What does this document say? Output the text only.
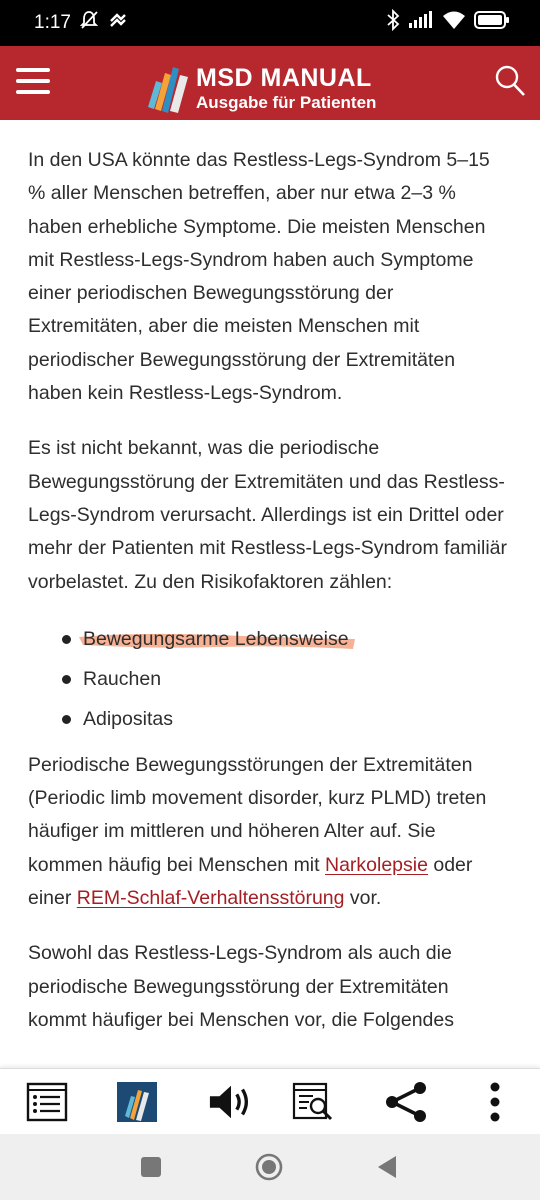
1:17
MSD MANUAL
Ausgabe für Patienten

In den USA könnte das Restless-Legs-Syndrom 5–15 % aller Menschen betreffen, aber nur etwa 2–3 % haben erhebliche Symptome. Die meisten Menschen mit Restless-Legs-Syndrom haben auch Symptome einer periodischen Bewegungsstörung der Extremitäten, aber die meisten Menschen mit periodischer Bewegungsstörung der Extremitäten haben kein Restless-Legs-Syndrom.

Es ist nicht bekannt, was die periodische Bewegungsstörung der Extremitäten und das Restless-Legs-Syndrom verursacht. Allerdings ist ein Drittel oder mehr der Patienten mit Restless-Legs-Syndrom familiär vorbelastet. Zu den Risikofaktoren zählen:

Bewegungsarme Lebensweise
Rauchen
Adipositas

Periodische Bewegungsstörungen der Extremitäten (Periodic limb movement disorder, kurz PLMD) treten häufiger im mittleren und höheren Alter auf. Sie kommen häufig bei Menschen mit Narkolepsie oder einer REM-Schlaf-Verhaltensstörung vor.

Sowohl das Restless-Legs-Syndrom als auch die periodische Bewegungsstörung der Extremitäten kommt häufiger bei Menschen vor, die Folgendes
